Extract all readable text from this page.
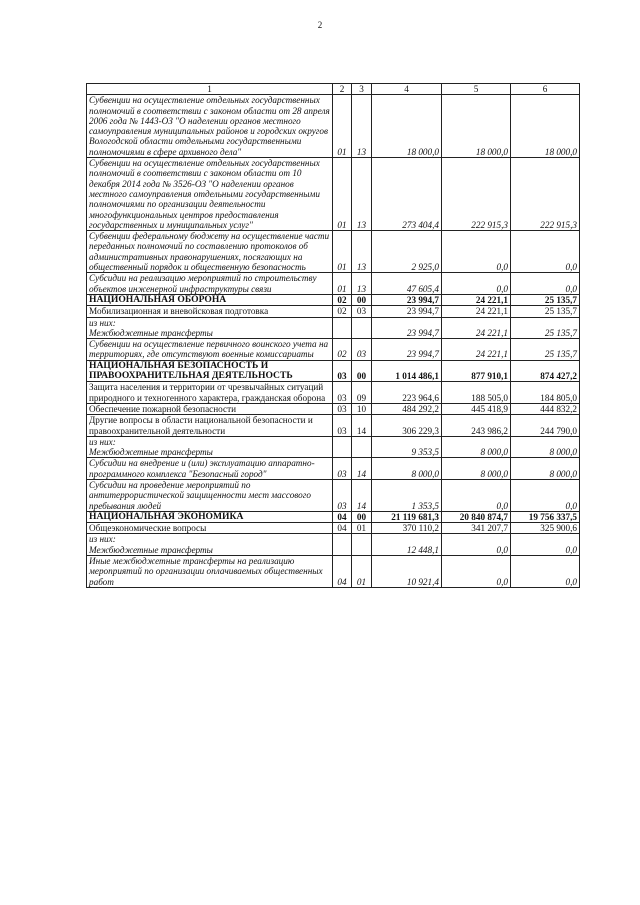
2
1	2	3	4	5	6
Субвенции на осуществление отдельных государственных полномочий в соответствии с законом области от 28 апреля 2006 года № 1443-ОЗ "О наделении органов местного самоуправления муниципальных районов и городских округов Вологодской области отдельными государственными полномочиями в сфере архивного дела"	01	13	18 000,0	18 000,0	18 000,0
Субвенции на осуществление отдельных государственных полномочий в соответствии с законом области от 10 декабря 2014 года № 3526-ОЗ "О наделении органов местного самоуправления отдельными государственными полномочиями по организации деятельности многофункциональных центров предоставления государственных и муниципальных услуг"	01	13	273 404,4	222 915,3	222 915,3
Субвенции федеральному бюджету на осуществление части переданных полномочий по составлению протоколов об административных правонарушениях, посягающих на общественный порядок и общественную безопасность	01	13	2 925,0	0,0	0,0
Субсидии на реализацию мероприятий по строительству объектов инженерной инфраструктуры связи	01	13	47 605,4	0,0	0,0
НАЦИОНАЛЬНАЯ ОБОРОНА	02	00	23 994,7	24 221,1	25 135,7
Мобилизационная и вневойсковая подготовка	02	03	23 994,7	24 221,1	25 135,7
из них:
Межбюджетные трансферты			23 994,7	24 221,1	25 135,7
Субвенции на осуществление первичного воинского учета на территориях, где отсутствуют военные комиссариаты	02	03	23 994,7	24 221,1	25 135,7
НАЦИОНАЛЬНАЯ БЕЗОПАСНОСТЬ И ПРАВООХРАНИТЕЛЬНАЯ ДЕЯТЕЛЬНОСТЬ	03	00	1 014 486,1	877 910,1	874 427,2
Защита населения и территории от чрезвычайных ситуаций природного и техногенного характера, гражданская оборона	03	09	223 964,6	188 505,0	184 805,0
Обеспечение пожарной безопасности	03	10	484 292,2	445 418,9	444 832,2
Другие вопросы в области национальной безопасности и правоохранительной деятельности	03	14	306 229,3	243 986,2	244 790,0
из них:
Межбюджетные трансферты			9 353,5	8 000,0	8 000,0
Субсидии на внедрение и (или) эксплуатацию аппаратно-программного комплекса "Безопасный город"	03	14	8 000,0	8 000,0	8 000,0
Субсидии на проведение мероприятий по антитеррористической защищенности мест массового пребывания людей	03	14	1 353,5	0,0	0,0
НАЦИОНАЛЬНАЯ ЭКОНОМИКА	04	00	21 119 681,3	20 840 874,7	19 756 337,5
Общеэкономические вопросы	04	01	370 110,2	341 207,7	325 900,6
из них:
Межбюджетные трансферты			12 448,1	0,0	0,0
Иные межбюджетные трансферты на реализацию мероприятий по организации оплачиваемых общественных работ	04	01	10 921,4	0,0	0,0
